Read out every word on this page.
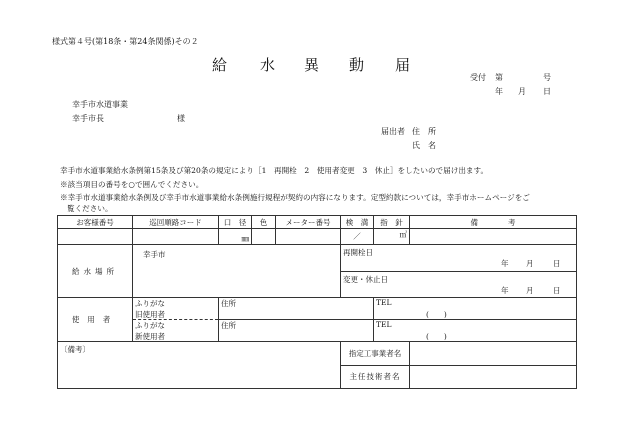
様式第４号(第18条・第24条関係)その２
給 水 異 動 届
受付 第	号
年 月 日
幸手市水道事業
幸手市長	様
届出者 住　所
氏　名
幸手市水道事業給水条例第15条及び第20条の規定により［1　再開栓　2　使用者変更　3　休止］をしたいので届け出ます。
※該当項目の番号を○で囲んでください。
※幸手市水道事業給水条例及び幸手市水道事業給水条例施行規程が契約の内容になります。定型約款については，幸手市ホームページをご
覧ください。
お客様番号	巡回順路コード	口　径	色	メーター番号	検　満	指　針	備　　　　考
		㎜			／	㎥	
給水場所	幸手市				再開栓日
年 月 日		

					変更・休止日
年 月 日		

使用者	ふりがな
旧使用者	住所				TEL
(　　)	

	ふりがな
新使用者	住所				TEL
(　　)	

〔備考〕					指定工事業者名		
					主任技術者名		
